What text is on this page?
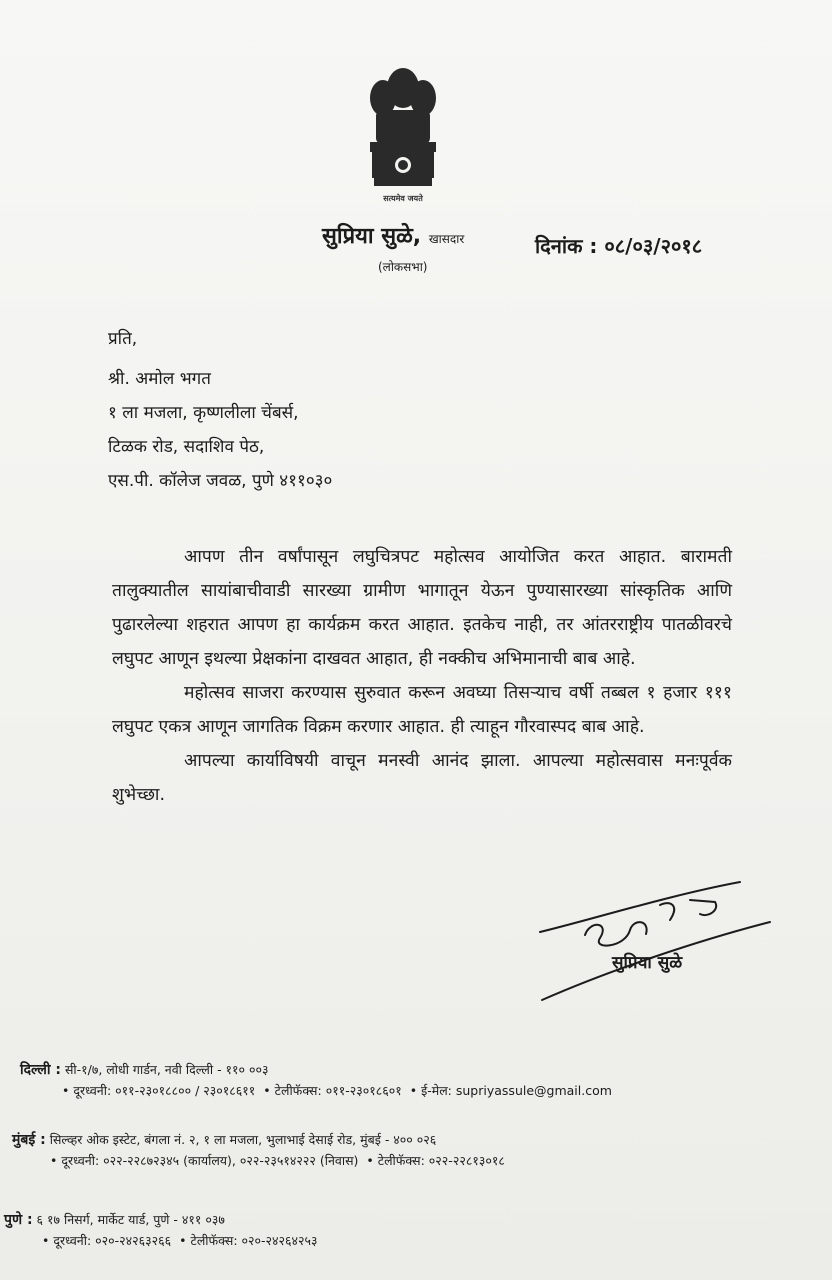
सत्यमेव जयते
सुप्रिया सुळे, खासदार
(लोकसभा)
दिनांक : ०८/०३/२०१८
प्रति,
श्री. अमोल भगत
१ ला मजला, कृष्णलीला चेंबर्स,
टिळक रोड, सदाशिव पेठ,
एस.पी. कॉलेज जवळ, पुणे ४११०३०

आपण तीन वर्षांपासून लघुचित्रपट महोत्सव आयोजित करत आहात. बारामती तालुक्यातील सायांबाचीवाडी सारख्या ग्रामीण भागातून येऊन पुण्यासारख्या सांस्कृतिक आणि पुढारलेल्या शहरात आपण हा कार्यक्रम करत आहात. इतकेच नाही, तर आंतरराष्ट्रीय पातळीवरचे लघुपट आणून इथल्या प्रेक्षकांना दाखवत आहात, ही नक्कीच अभिमानाची बाब आहे.

महोत्सव साजरा करण्यास सुरुवात करून अवघ्या तिसऱ्याच वर्षी तब्बल १ हजार १११ लघुपट एकत्र आणून जागतिक विक्रम करणार आहात. ही त्याहून गौरवास्पद बाब आहे.

आपल्या कार्याविषयी वाचून मनस्वी आनंद झाला. आपल्या महोत्सवास मनःपूर्वक शुभेच्छा.

सुप्रिया सुळे
दिल्ली : सी-१/७, लोधी गार्डन, नवी दिल्ली - ११० ००३
• दूरध्वनी: ०११-२३०१८८०० / २३०१८६११ • टेलीफॅक्स: ०११-२३०१८६०१ • ई-मेल: supriyassule@gmail.com
मुंबई : सिल्व्हर ओक इस्टेट, बंगला नं. २, १ ला मजला, भुलाभाई देसाई रोड, मुंबई - ४०० ०२६
• दूरध्वनी: ०२२-२२८७२३४५ (कार्यालय), ०२२-२३५१४२२२ (निवास) • टेलीफॅक्स: ०२२-२२८१३०१८
पुणे : ६ १७ निसर्ग, मार्केट यार्ड, पुणे - ४११ ०३७
• दूरध्वनी: ०२०-२४२६३२६६ • टेलीफॅक्स: ०२०-२४२६४२५३
